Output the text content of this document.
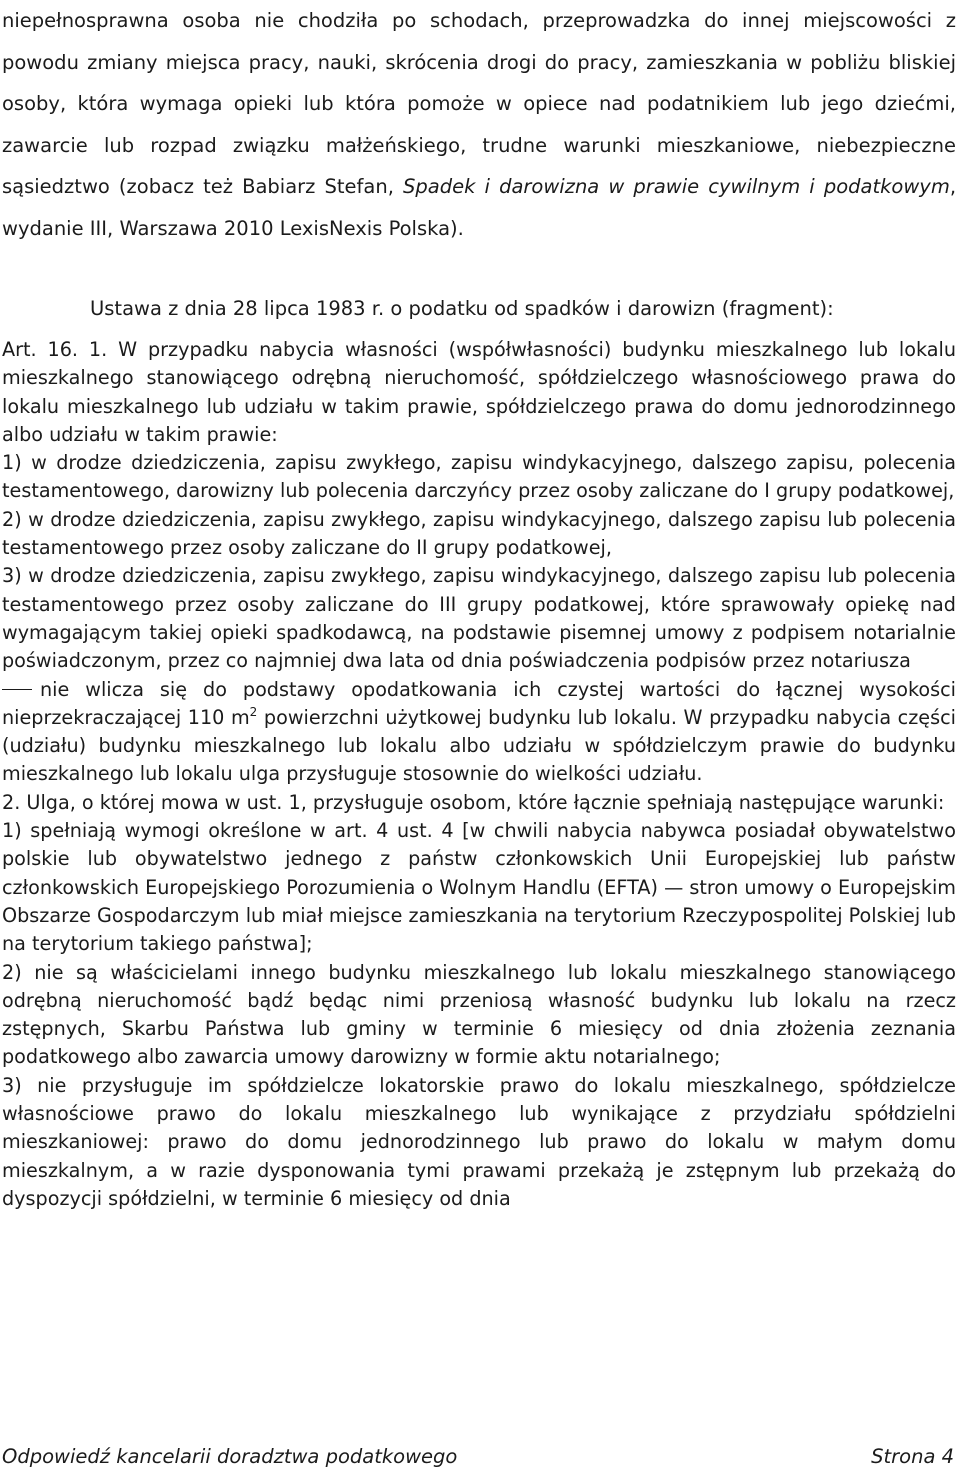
niepełnosprawna osoba nie chodziła po schodach, przeprowadzka do innej miejscowości z powodu zmiany miejsca pracy, nauki, skrócenia drogi do pracy, zamieszkania w pobliżu bliskiej osoby, która wymaga opieki lub która pomoże w opiece nad podatnikiem lub jego dziećmi, zawarcie lub rozpad związku małżeńskiego, trudne warunki mieszkaniowe, niebezpieczne sąsiedztwo (zobacz też Babiarz Stefan, Spadek i darowizna w prawie cywilnym i podatkowym, wydanie III, Warszawa 2010 LexisNexis Polska).

Ustawa z dnia 28 lipca 1983 r. o podatku od spadków i darowizn (fragment):

Art. 16. 1. W przypadku nabycia własności (współwłasności) budynku mieszkalnego lub lokalu mieszkalnego stanowiącego odrębną nieruchomość, spółdzielczego własnościowego prawa do lokalu mieszkalnego lub udziału w takim prawie, spółdzielczego prawa do domu jednorodzinnego albo udziału w takim prawie:

1) w drodze dziedziczenia, zapisu zwykłego, zapisu windykacyjnego, dalszego zapisu, polecenia testamentowego, darowizny lub polecenia darczyńcy przez osoby zaliczane do I grupy podatkowej,

2) w drodze dziedziczenia, zapisu zwykłego, zapisu windykacyjnego, dalszego zapisu lub polecenia testamentowego przez osoby zaliczane do II grupy podatkowej,

3) w drodze dziedziczenia, zapisu zwykłego, zapisu windykacyjnego, dalszego zapisu lub polecenia testamentowego przez osoby zaliczane do III grupy podatkowej, które sprawowały opiekę nad wymagającym takiej opieki spadkodawcą, na podstawie pisemnej umowy z podpisem notarialnie poświadczonym, przez co najmniej dwa lata od dnia poświadczenia podpisów przez notariusza

nie wlicza się do podstawy opodatkowania ich czystej wartości do łącznej wysokości nieprzekraczającej 110 $m^2$ powierzchni użytkowej budynku lub lokalu. W przypadku nabycia części (udziału) budynku mieszkalnego lub lokalu albo udziału w spółdzielczym prawie do budynku mieszkalnego lub lokalu ulga przysługuje stosownie do wielkości udziału.

2. Ulga, o której mowa w ust. 1, przysługuje osobom, które łącznie spełniają następujące warunki:

1) spełniają wymogi określone w art. 4 ust. 4 [w chwili nabycia nabywca posiadał obywatelstwo polskie lub obywatelstwo jednego z państw członkowskich Unii Europejskiej lub państw członkowskich Europejskiego Porozumienia o Wolnym Handlu (EFTA) — stron umowy o Europejskim Obszarze Gospodarczym lub miał miejsce zamieszkania na terytorium Rzeczypospolitej Polskiej lub na terytorium takiego państwa];

2) nie są właścicielami innego budynku mieszkalnego lub lokalu mieszkalnego stanowiącego odrębną nieruchomość bądź będąc nimi przeniosą własność budynku lub lokalu na rzecz zstępnych, Skarbu Państwa lub gminy w terminie 6 miesięcy od dnia złożenia zeznania podatkowego albo zawarcia umowy darowizny w formie aktu notarialnego;

3) nie przysługuje im spółdzielcze lokatorskie prawo do lokalu mieszkalnego, spółdzielcze własnościowe prawo do lokalu mieszkalnego lub wynikające z przydziału spółdzielni mieszkaniowej: prawo do domu jednorodzinnego lub prawo do lokalu w małym domu mieszkalnym, a w razie dysponowania tymi prawami przekażą je zstępnym lub przekażą do dyspozycji spółdzielni, w terminie 6 miesięcy od dnia

Odpowiedź kancelarii doradztwa podatkowego	Strona 4
